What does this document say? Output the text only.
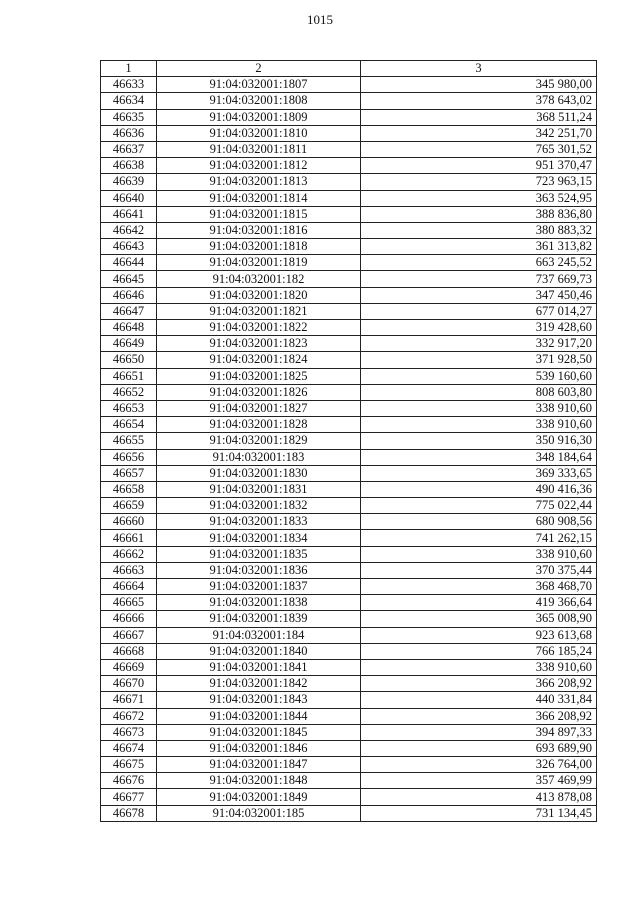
1015
1	2	3
46633	91:04:032001:1807	345 980,00
46634	91:04:032001:1808	378 643,02
46635	91:04:032001:1809	368 511,24
46636	91:04:032001:1810	342 251,70
46637	91:04:032001:1811	765 301,52
46638	91:04:032001:1812	951 370,47
46639	91:04:032001:1813	723 963,15
46640	91:04:032001:1814	363 524,95
46641	91:04:032001:1815	388 836,80
46642	91:04:032001:1816	380 883,32
46643	91:04:032001:1818	361 313,82
46644	91:04:032001:1819	663 245,52
46645	91:04:032001:182	737 669,73
46646	91:04:032001:1820	347 450,46
46647	91:04:032001:1821	677 014,27
46648	91:04:032001:1822	319 428,60
46649	91:04:032001:1823	332 917,20
46650	91:04:032001:1824	371 928,50
46651	91:04:032001:1825	539 160,60
46652	91:04:032001:1826	808 603,80
46653	91:04:032001:1827	338 910,60
46654	91:04:032001:1828	338 910,60
46655	91:04:032001:1829	350 916,30
46656	91:04:032001:183	348 184,64
46657	91:04:032001:1830	369 333,65
46658	91:04:032001:1831	490 416,36
46659	91:04:032001:1832	775 022,44
46660	91:04:032001:1833	680 908,56
46661	91:04:032001:1834	741 262,15
46662	91:04:032001:1835	338 910,60
46663	91:04:032001:1836	370 375,44
46664	91:04:032001:1837	368 468,70
46665	91:04:032001:1838	419 366,64
46666	91:04:032001:1839	365 008,90
46667	91:04:032001:184	923 613,68
46668	91:04:032001:1840	766 185,24
46669	91:04:032001:1841	338 910,60
46670	91:04:032001:1842	366 208,92
46671	91:04:032001:1843	440 331,84
46672	91:04:032001:1844	366 208,92
46673	91:04:032001:1845	394 897,33
46674	91:04:032001:1846	693 689,90
46675	91:04:032001:1847	326 764,00
46676	91:04:032001:1848	357 469,99
46677	91:04:032001:1849	413 878,08
46678	91:04:032001:185	731 134,45
